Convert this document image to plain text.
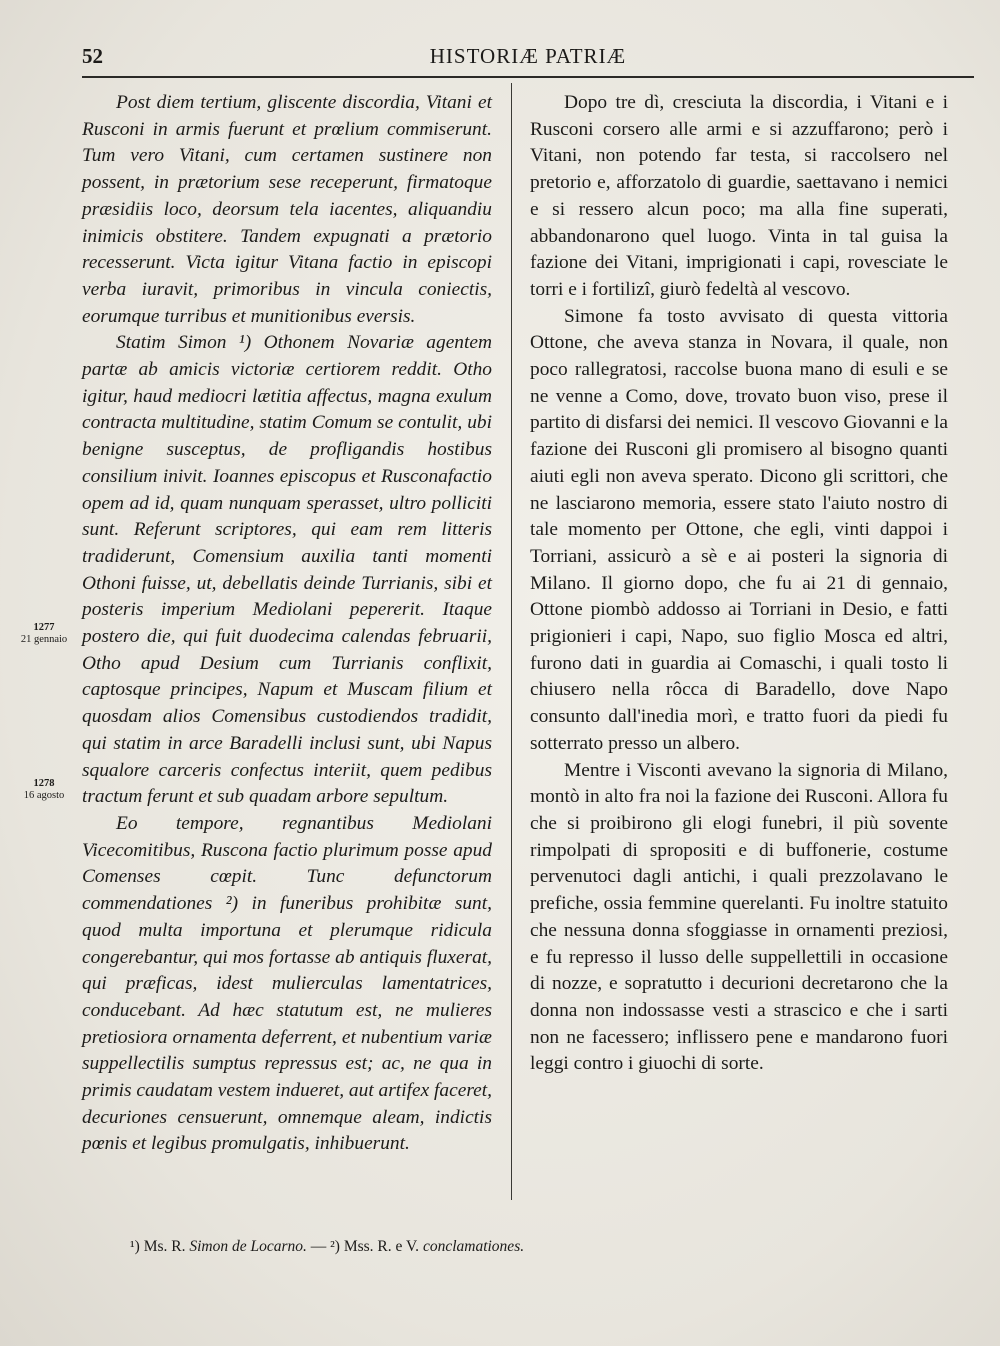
52	HISTORIÆ PATRIÆ
1277
21 gennaio
1278
16 agosto

Post diem tertium, gliscente discordia, Vitani et Rusconi in armis fuerunt et prœlium commiserunt. Tum vero Vitani, cum certamen sustinere non possent, in prætorium sese receperunt, firmatoque præsidiis loco, deorsum tela iacentes, aliquandiu inimicis obstitere. Tandem expugnati a prætorio recesserunt. Victa igitur Vitana factio in episcopi verba iuravit, primoribus in vincula coniectis, eorumque turribus et munitionibus eversis.

Statim Simon ¹) Othonem Novariæ agentem partæ ab amicis victoriæ certiorem reddit. Otho igitur, haud mediocri lætitia affectus, magna exulum contracta multitudine, statim Comum se contulit, ubi benigne susceptus, de profligandis hostibus consilium inivit. Ioannes episcopus et Rusconafactio opem ad id, quam nunquam sperasset, ultro polliciti sunt. Referunt scriptores, qui eam rem litteris tradiderunt, Comensium auxilia tanti momenti Othoni fuisse, ut, debellatis deinde Turrianis, sibi et posteris imperium Mediolani pepererit. Itaque postero die, qui fuit duodecima calendas februarii, Otho apud Desium cum Turrianis conflixit, captosque principes, Napum et Muscam filium et quosdam alios Comensibus custodiendos tradidit, qui statim in arce Baradelli inclusi sunt, ubi Napus squalore carceris confectus interiit, quem pedibus tractum ferunt et sub quadam arbore sepultum.

Eo tempore, regnantibus Mediolani Vicecomitibus, Ruscona factio plurimum posse apud Comenses cœpit. Tunc defunctorum commendationes ²) in funeribus prohibitæ sunt, quod multa importuna et plerumque ridicula congerebantur, qui mos fortasse ab antiquis fluxerat, qui præficas, idest mulierculas lamentatrices, conducebant. Ad hæc statutum est, ne mulieres pretiosiora ornamenta deferrent, et nubentium variæ suppellectilis sumptus repressus est; ac, ne qua in primis caudatam vestem indueret, aut artifex faceret, decuriones censuerunt, omnemque aleam, indictis pœnis et legibus promulgatis, inhibuerunt.

Dopo tre dì, cresciuta la discordia, i Vitani e i Rusconi corsero alle armi e si azzuffarono; però i Vitani, non potendo far testa, si raccolsero nel pretorio e, afforzatolo di guardie, saettavano i nemici e si ressero alcun poco; ma alla fine superati, abbandonarono quel luogo. Vinta in tal guisa la fazione dei Vitani, imprigionati i capi, rovesciate le torri e i fortilizî, giurò fedeltà al vescovo.

Simone fa tosto avvisato di questa vittoria Ottone, che aveva stanza in Novara, il quale, non poco rallegratosi, raccolse buona mano di esuli e se ne venne a Como, dove, trovato buon viso, prese il partito di disfarsi dei nemici. Il vescovo Giovanni e la fazione dei Rusconi gli promisero al bisogno quanti aiuti egli non aveva sperato. Dicono gli scrittori, che ne lasciarono memoria, essere stato l'aiuto nostro di tale momento per Ottone, che egli, vinti dappoi i Torriani, assicurò a sè e ai posteri la signoria di Milano. Il giorno dopo, che fu ai 21 di gennaio, Ottone piombò addosso ai Torriani in Desio, e fatti prigionieri i capi, Napo, suo figlio Mosca ed altri, furono dati in guardia ai Comaschi, i quali tosto li chiusero nella rôcca di Baradello, dove Napo consunto dall'inedia morì, e tratto fuori da piedi fu sotterrato presso un albero.

Mentre i Visconti avevano la signoria di Milano, montò in alto fra noi la fazione dei Rusconi. Allora fu che si proibirono gli elogi funebri, il più sovente rimpolpati di spropositi e di buffonerie, costume pervenutoci dagli antichi, i quali prezzolavano le prefiche, ossia femmine querelanti. Fu inoltre statuito che nessuna donna sfoggiasse in ornamenti preziosi, e fu represso il lusso delle suppellettili in occasione di nozze, e sopratutto i decurioni decretarono che la donna non indossasse vesti a strascico e che i sarti non ne facessero; inflissero pene e mandarono fuori leggi contro i giuochi di sorte.

¹) Ms. R. Simon de Locarno. — ²) Mss. R. e V. conclamationes.
